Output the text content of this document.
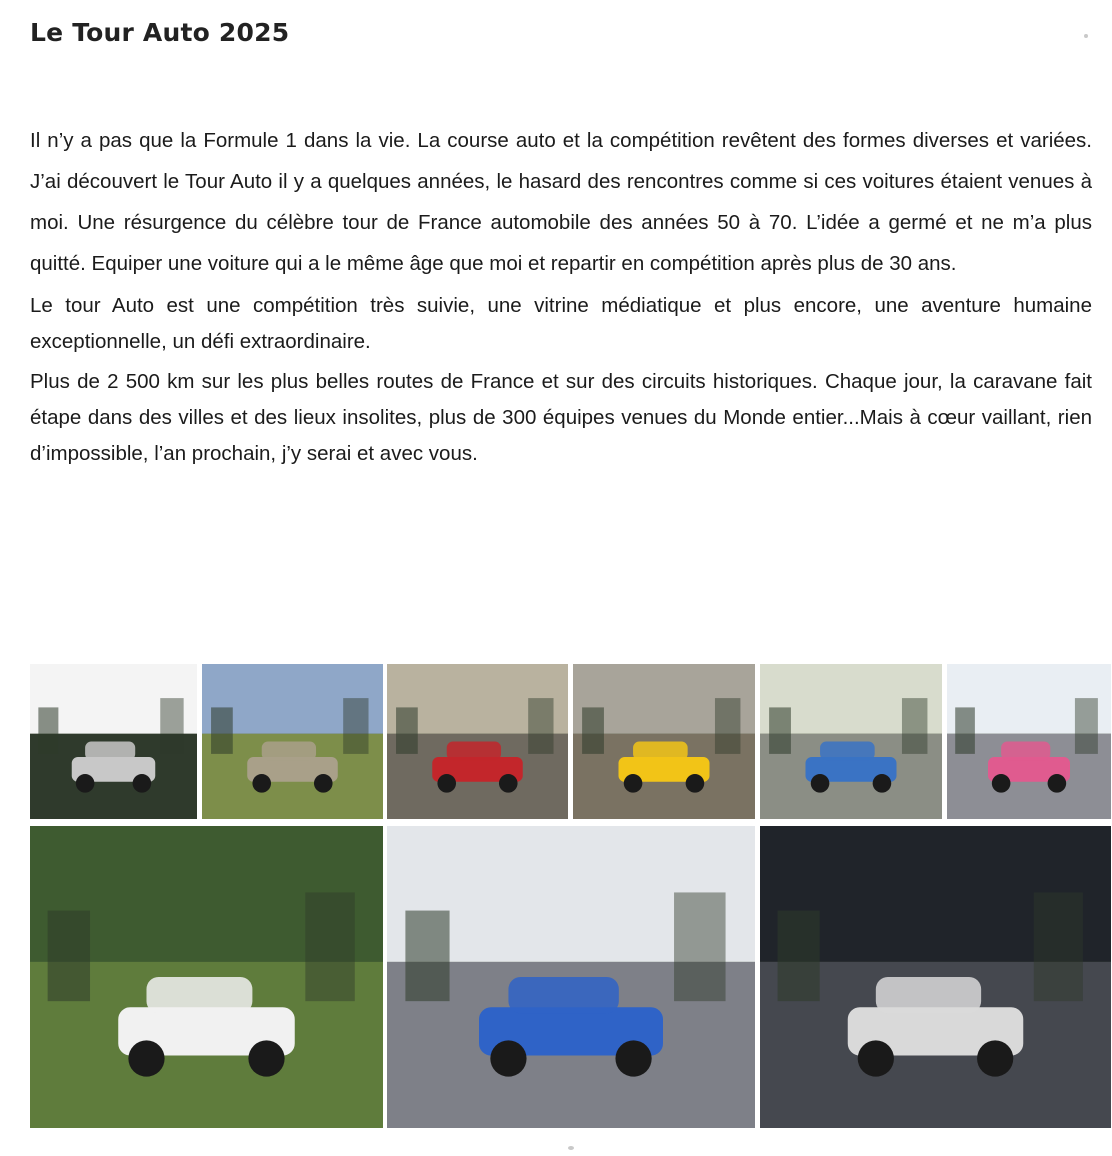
Le Tour Auto 2025

Il n’y a pas que la Formule 1 dans la vie. La course auto et la compétition revêtent des formes diverses et variées. J’ai découvert le Tour Auto il y a quelques années, le hasard des rencontres comme si ces voitures étaient venues à moi. Une résurgence du célèbre tour de France automobile des années 50 à 70. L’idée a germé et ne m’a plus quitté. Equiper une voiture qui a le même âge que moi et repartir en compétition après plus de 30 ans.

Le tour Auto est une compétition très suivie, une vitrine médiatique et plus encore, une aventure humaine exceptionnelle, un défi extraordinaire.

Plus de 2 500 km sur les plus belles routes de France et sur des circuits historiques. Chaque jour, la caravane fait étape dans des villes et des lieux insolites, plus de 300 équipes venues du Monde entier...Mais à cœur vaillant, rien d’impossible, l’an prochain, j’y serai et avec vous.
